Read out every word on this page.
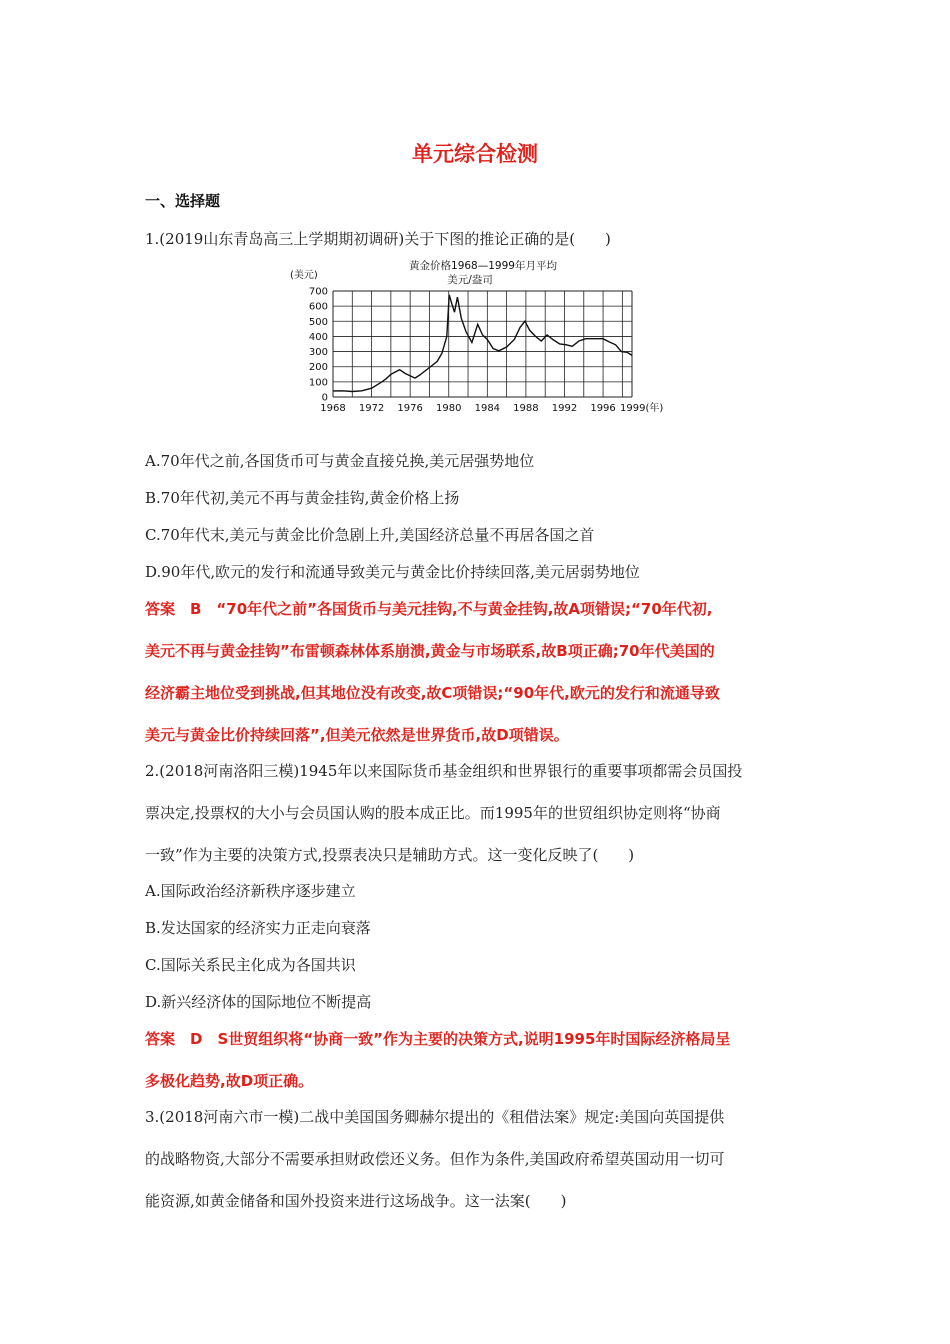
单元综合检测
一、选择题
1.(2019山东青岛高三上学期期初调研)关于下图的推论正确的是(　　)
A.70年代之前,各国货币可与黄金直接兑换,美元居强势地位
B.70年代初,美元不再与黄金挂钩,黄金价格上扬
C.70年代末,美元与黄金比价急剧上升,美国经济总量不再居各国之首
D.90年代,欧元的发行和流通导致美元与黄金比价持续回落,美元居弱势地位
答案　B　“70年代之前”各国货币与美元挂钩,不与黄金挂钩,故A项错误;“70年代初,
美元不再与黄金挂钩”布雷顿森林体系崩溃,黄金与市场联系,故B项正确;70年代美国的
经济霸主地位受到挑战,但其地位没有改变,故C项错误;“90年代,欧元的发行和流通导致
美元与黄金比价持续回落”,但美元依然是世界货币,故D项错误。
2.(2018河南洛阳三模)1945年以来国际货币基金组织和世界银行的重要事项都需会员国投
票决定,投票权的大小与会员国认购的股本成正比。而1995年的世贸组织协定则将“协商
一致”作为主要的决策方式,投票表决只是辅助方式。这一变化反映了(　　)
A.国际政治经济新秩序逐步建立
B.发达国家的经济实力正走向衰落
C.国际关系民主化成为各国共识
D.新兴经济体的国际地位不断提高
答案　D　S世贸组织将“协商一致”作为主要的决策方式,说明1995年时国际经济格局呈
多极化趋势,故D项正确。
3.(2018河南六市一模)二战中美国国务卿赫尔提出的《租借法案》规定:美国向英国提供
的战略物资,大部分不需要承担财政偿还义务。但作为条件,美国政府希望英国动用一切可
能资源,如黄金储备和国外投资来进行这场战争。这一法案(　　)
黄金价格1968—1999年月平均
美元/盎司
(美元)
0
100
200
300
400
500
600
700
1968 1972 1976 1980 1984 1988 1992 1996 1999(年)
